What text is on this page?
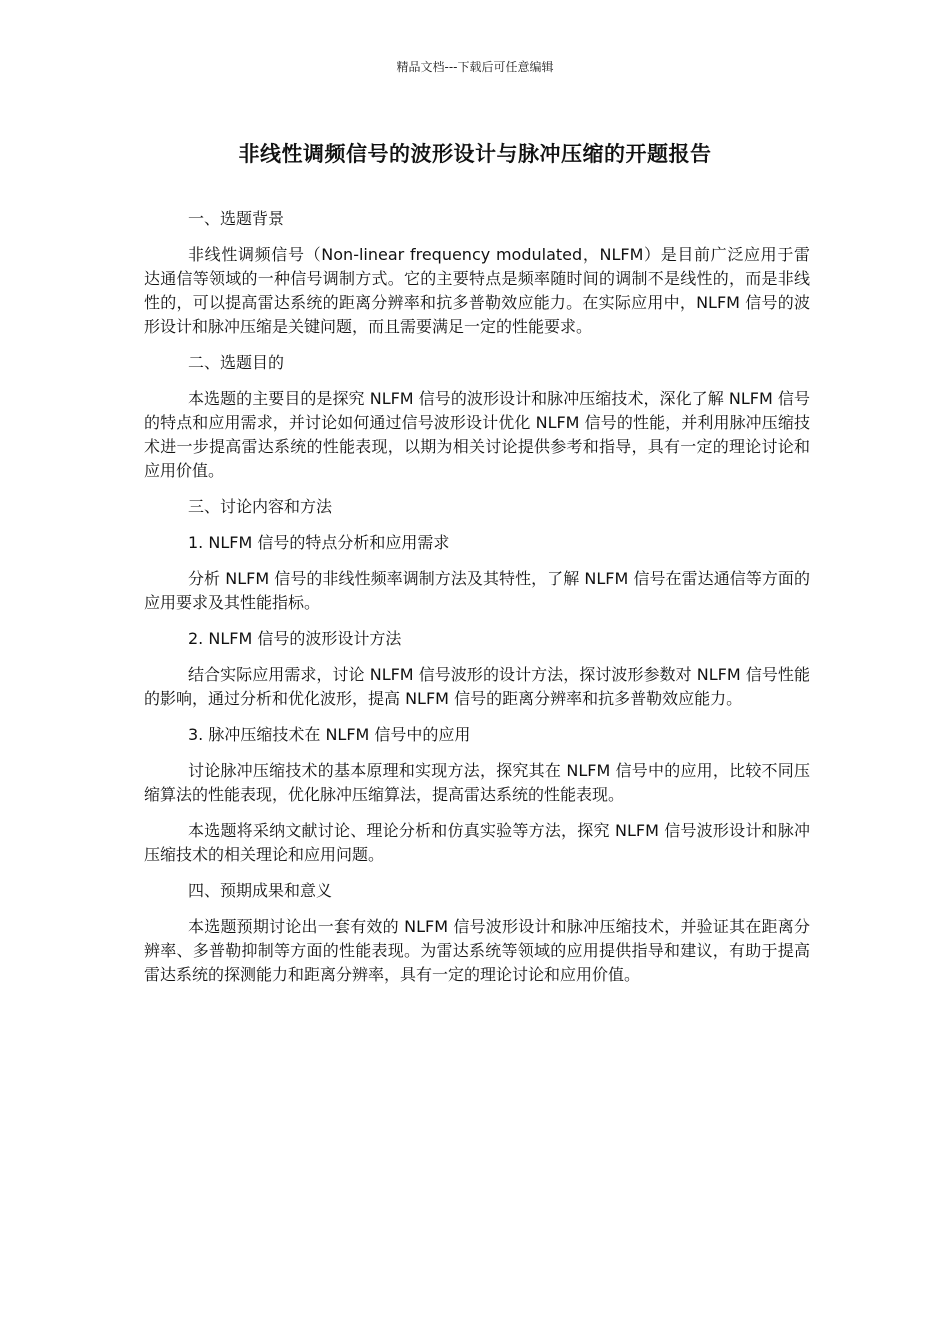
精品文档---下载后可任意编辑
非线性调频信号的波形设计与脉冲压缩的开题报告
一、选题背景

非线性调频信号（Non-linear frequency modulated，NLFM）是目前广泛应用于雷达通信等领域的一种信号调制方式。它的主要特点是频率随时间的调制不是线性的，而是非线性的，可以提高雷达系统的距离分辨率和抗多普勒效应能力。在实际应用中，NLFM 信号的波形设计和脉冲压缩是关键问题，而且需要满足一定的性能要求。

二、选题目的

本选题的主要目的是探究 NLFM 信号的波形设计和脉冲压缩技术，深化了解 NLFM 信号的特点和应用需求，并讨论如何通过信号波形设计优化 NLFM 信号的性能，并利用脉冲压缩技术进一步提高雷达系统的性能表现，以期为相关讨论提供参考和指导，具有一定的理论讨论和应用价值。

三、讨论内容和方法
1. NLFM 信号的特点分析和应用需求

分析 NLFM 信号的非线性频率调制方法及其特性，了解 NLFM 信号在雷达通信等方面的应用要求及其性能指标。

2. NLFM 信号的波形设计方法

结合实际应用需求，讨论 NLFM 信号波形的设计方法，探讨波形参数对 NLFM 信号性能的影响，通过分析和优化波形，提高 NLFM 信号的距离分辨率和抗多普勒效应能力。

3. 脉冲压缩技术在 NLFM 信号中的应用

讨论脉冲压缩技术的基本原理和实现方法，探究其在 NLFM 信号中的应用，比较不同压缩算法的性能表现，优化脉冲压缩算法，提高雷达系统的性能表现。

本选题将采纳文献讨论、理论分析和仿真实验等方法，探究 NLFM 信号波形设计和脉冲压缩技术的相关理论和应用问题。

四、预期成果和意义

本选题预期讨论出一套有效的 NLFM 信号波形设计和脉冲压缩技术，并验证其在距离分辨率、多普勒抑制等方面的性能表现。为雷达系统等领域的应用提供指导和建议，有助于提高雷达系统的探测能力和距离分辨率，具有一定的理论讨论和应用价值。
